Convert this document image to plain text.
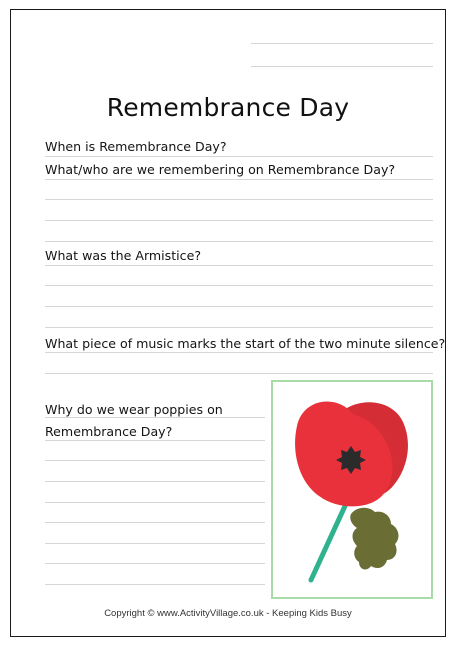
Remembrance Day
When is Remembrance Day?
What/who are we remembering on Remembrance Day?
What was the Armistice?
What piece of music marks the start of the two minute silence?
Why do we wear poppies on
Remembrance Day?
Copyright © www.ActivityVillage.co.uk - Keeping Kids Busy
